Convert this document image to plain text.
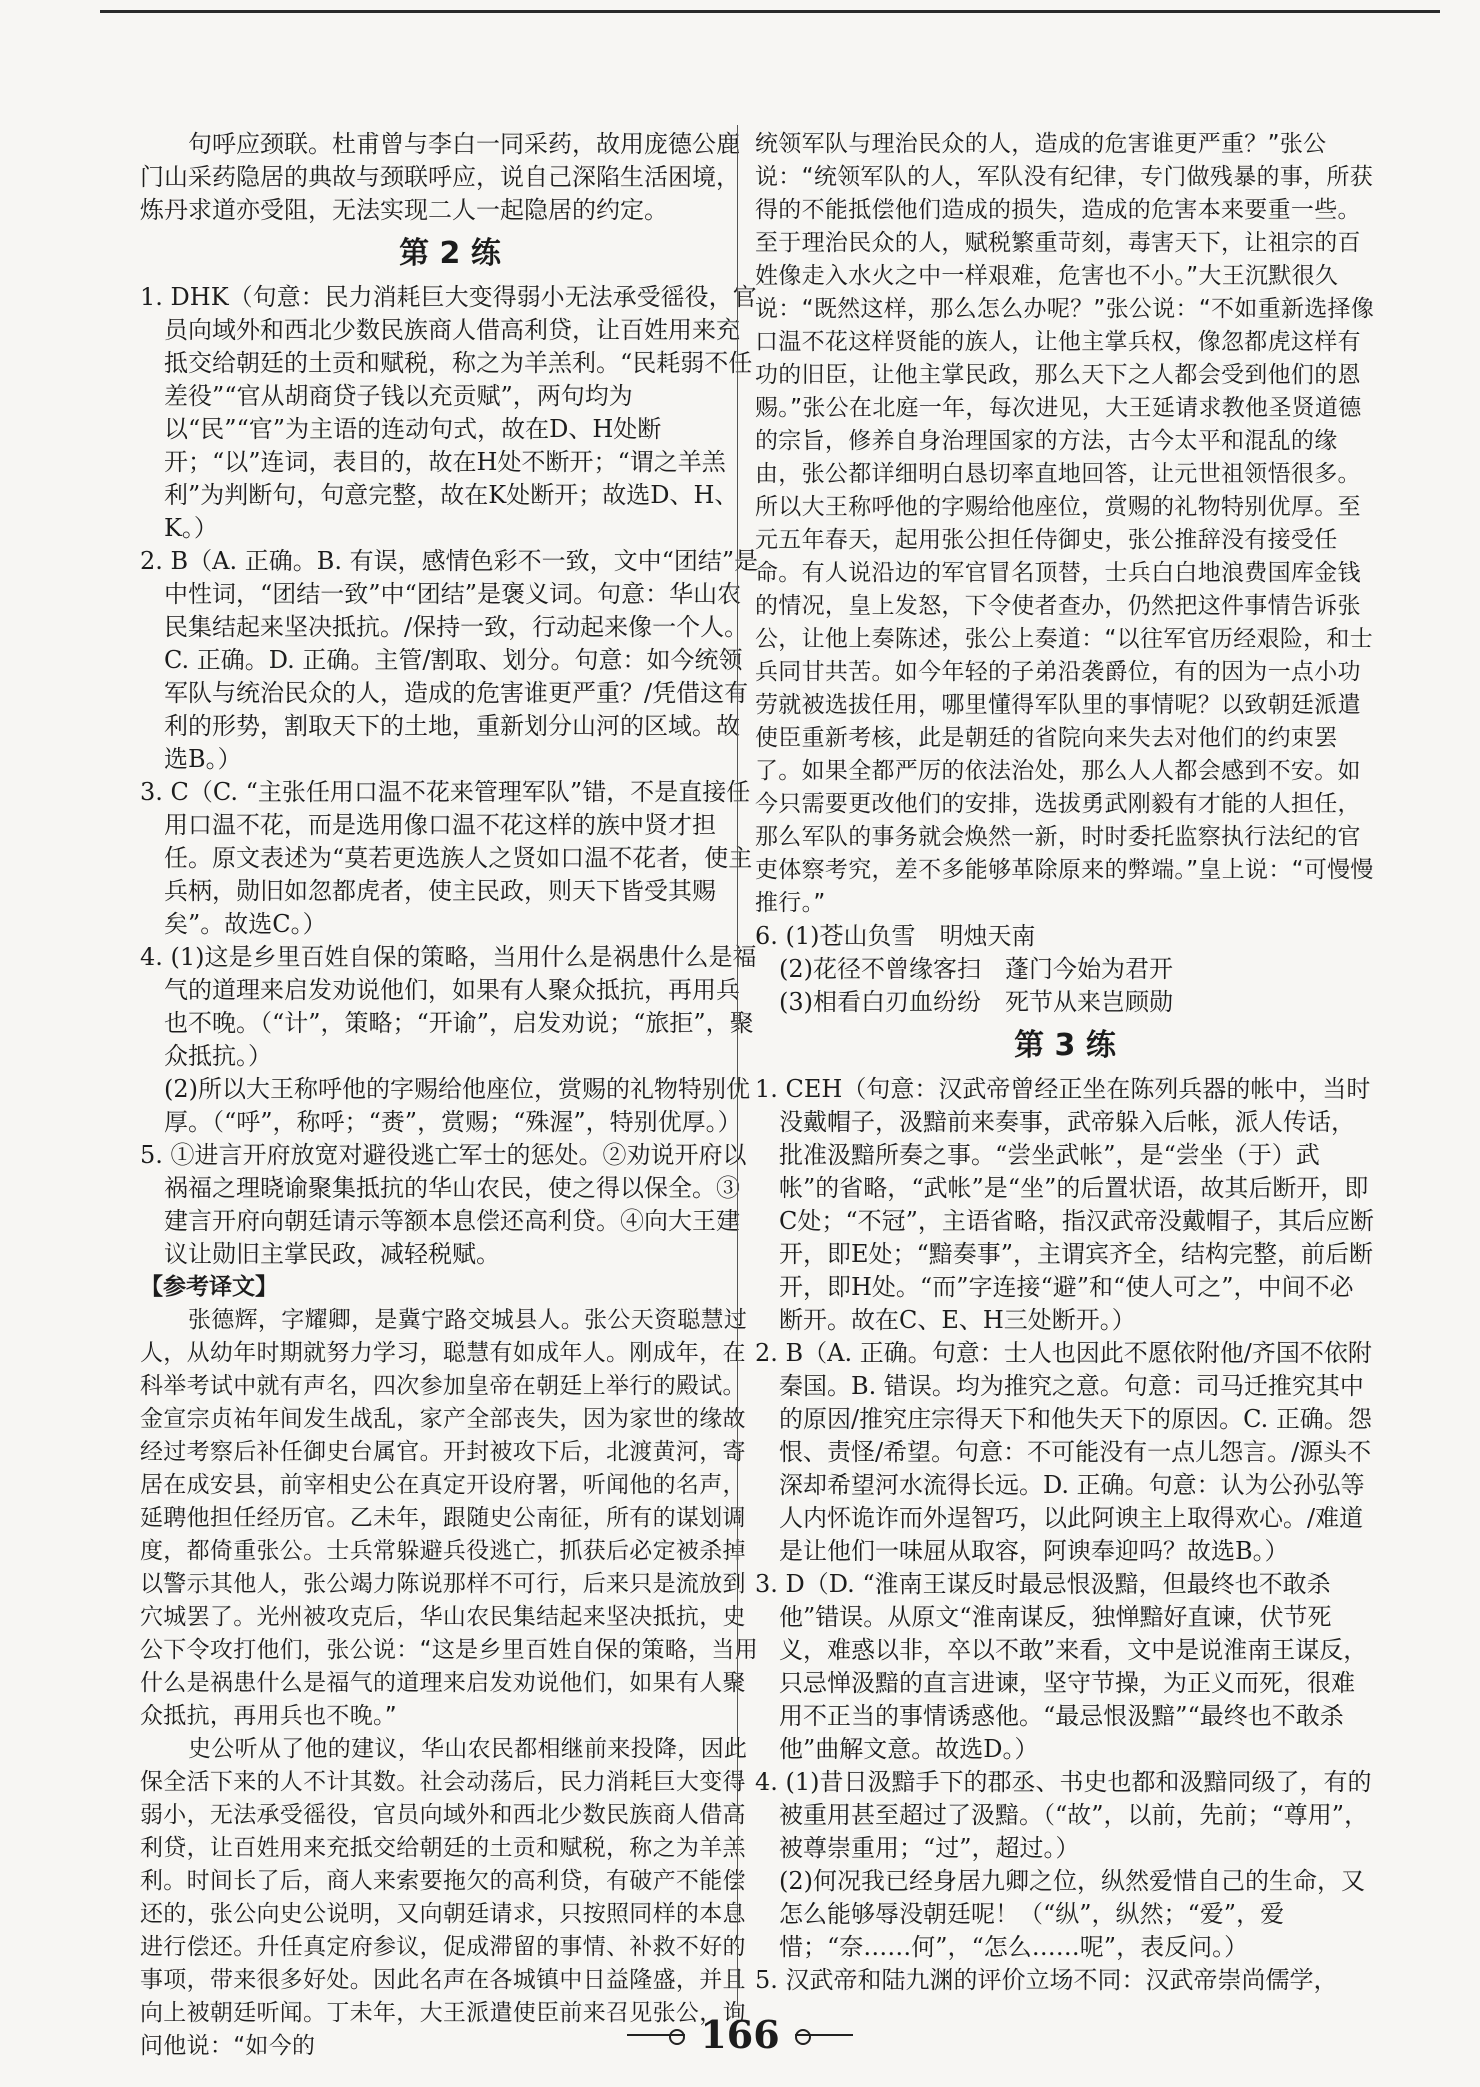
句呼应颈联。杜甫曾与李白一同采药，故用庞德公鹿门山采药隐居的典故与颈联呼应，说自己深陷生活困境，炼丹求道亦受阻，无法实现二人一起隐居的约定。

第 2 练

1. DHK（句意：民力消耗巨大变得弱小无法承受徭役，官员向域外和西北少数民族商人借高利贷，让百姓用来充抵交给朝廷的土贡和赋税，称之为羊羔利。“民耗弱不任差役”“官从胡商贷子钱以充贡赋”，两句均为以“民”“官”为主语的连动句式，故在D、H处断开；“以”连词，表目的，故在H处不断开；“谓之羊羔利”为判断句，句意完整，故在K处断开；故选D、H、K。）

2. B（A. 正确。B. 有误，感情色彩不一致，文中“团结”是中性词，“团结一致”中“团结”是褒义词。句意：华山农民集结起来坚决抵抗。/保持一致，行动起来像一个人。C. 正确。D. 正确。主管/割取、划分。句意：如今统领军队与统治民众的人，造成的危害谁更严重？/凭借这有利的形势，割取天下的土地，重新划分山河的区域。故选B。）

3. C（C. “主张任用口温不花来管理军队”错，不是直接任用口温不花，而是选用像口温不花这样的族中贤才担任。原文表述为“莫若更选族人之贤如口温不花者，使主兵柄，勋旧如忽都虎者，使主民政，则天下皆受其赐矣”。故选C。）

4. (1)这是乡里百姓自保的策略，当用什么是祸患什么是福气的道理来启发劝说他们，如果有人聚众抵抗，再用兵也不晚。（“计”，策略；“开谕”，启发劝说；“旅拒”，聚众抵抗。）

(2)所以大王称呼他的字赐给他座位，赏赐的礼物特别优厚。（“呼”，称呼；“赉”，赏赐；“殊渥”，特别优厚。）

5. ①进言开府放宽对避役逃亡军士的惩处。②劝说开府以祸福之理晓谕聚集抵抗的华山农民，使之得以保全。③建言开府向朝廷请示等额本息偿还高利贷。④向大王建议让勋旧主掌民政，减轻税赋。

【参考译文】

张德辉，字耀卿，是冀宁路交城县人。张公天资聪慧过人，从幼年时期就努力学习，聪慧有如成年人。刚成年，在科举考试中就有声名，四次参加皇帝在朝廷上举行的殿试。金宣宗贞祐年间发生战乱，家产全部丧失，因为家世的缘故经过考察后补任御史台属官。开封被攻下后，北渡黄河，寄居在成安县，前宰相史公在真定开设府署，听闻他的名声，延聘他担任经历官。乙未年，跟随史公南征，所有的谋划调度，都倚重张公。士兵常躲避兵役逃亡，抓获后必定被杀掉以警示其他人，张公竭力陈说那样不可行，后来只是流放到穴城罢了。光州被攻克后，华山农民集结起来坚决抵抗，史公下令攻打他们，张公说：“这是乡里百姓自保的策略，当用什么是祸患什么是福气的道理来启发劝说他们，如果有人聚众抵抗，再用兵也不晚。”

史公听从了他的建议，华山农民都相继前来投降，因此保全活下来的人不计其数。社会动荡后，民力消耗巨大变得弱小，无法承受徭役，官员向域外和西北少数民族商人借高利贷，让百姓用来充抵交给朝廷的土贡和赋税，称之为羊羔利。时间长了后，商人来索要拖欠的高利贷，有破产不能偿还的，张公向史公说明，又向朝廷请求，只按照同样的本息进行偿还。升任真定府参议，促成滞留的事情、补救不好的事项，带来很多好处。因此名声在各城镇中日益隆盛，并且向上被朝廷听闻。丁未年，大王派遣使臣前来召见张公，询问他说：“如今的

统领军队与理治民众的人，造成的危害谁更严重？”张公说：“统领军队的人，军队没有纪律，专门做残暴的事，所获得的不能抵偿他们造成的损失，造成的危害本来要重一些。至于理治民众的人，赋税繁重苛刻，毒害天下，让祖宗的百姓像走入水火之中一样艰难，危害也不小。”大王沉默很久说：“既然这样，那么怎么办呢？”张公说：“不如重新选择像口温不花这样贤能的族人，让他主掌兵权，像忽都虎这样有功的旧臣，让他主掌民政，那么天下之人都会受到他们的恩赐。”张公在北庭一年，每次进见，大王延请求教他圣贤道德的宗旨，修养自身治理国家的方法，古今太平和混乱的缘由，张公都详细明白恳切率直地回答，让元世祖领悟很多。所以大王称呼他的字赐给他座位，赏赐的礼物特别优厚。至元五年春天，起用张公担任侍御史，张公推辞没有接受任命。有人说沿边的军官冒名顶替，士兵白白地浪费国库金钱的情况，皇上发怒，下令使者查办，仍然把这件事情告诉张公，让他上奏陈述，张公上奏道：“以往军官历经艰险，和士兵同甘共苦。如今年轻的子弟沿袭爵位，有的因为一点小功劳就被选拔任用，哪里懂得军队里的事情呢？以致朝廷派遣使臣重新考核，此是朝廷的省院向来失去对他们的约束罢了。如果全都严厉的依法治处，那么人人都会感到不安。如今只需要更改他们的安排，选拔勇武刚毅有才能的人担任，那么军队的事务就会焕然一新，时时委托监察执行法纪的官吏体察考究，差不多能够革除原来的弊端。”皇上说：“可慢慢推行。”

6. (1)苍山负雪　明烛天南

(2)花径不曾缘客扫　蓬门今始为君开

(3)相看白刃血纷纷　死节从来岂顾勋

第 3 练

1. CEH（句意：汉武帝曾经正坐在陈列兵器的帐中，当时没戴帽子，汲黯前来奏事，武帝躲入后帐，派人传话，批准汲黯所奏之事。“尝坐武帐”，是“尝坐（于）武帐”的省略，“武帐”是“坐”的后置状语，故其后断开，即C处；“不冠”，主语省略，指汉武帝没戴帽子，其后应断开，即E处；“黯奏事”，主谓宾齐全，结构完整，前后断开，即H处。“而”字连接“避”和“使人可之”，中间不必断开。故在C、E、H三处断开。）

2. B（A. 正确。句意：士人也因此不愿依附他/齐国不依附秦国。B. 错误。均为推究之意。句意：司马迁推究其中的原因/推究庄宗得天下和他失天下的原因。C. 正确。怨恨、责怪/希望。句意：不可能没有一点儿怨言。/源头不深却希望河水流得长远。D. 正确。句意：认为公孙弘等人内怀诡诈而外逞智巧，以此阿谀主上取得欢心。/难道是让他们一味屈从取容，阿谀奉迎吗？故选B。）

3. D（D. “淮南王谋反时最忌恨汲黯，但最终也不敢杀他”错误。从原文“淮南谋反，独惮黯好直谏，伏节死义，难惑以非，卒以不敢”来看，文中是说淮南王谋反，只忌惮汲黯的直言进谏，坚守节操，为正义而死，很难用不正当的事情诱惑他。“最忌恨汲黯”“最终也不敢杀他”曲解文意。故选D。）

4. (1)昔日汲黯手下的郡丞、书史也都和汲黯同级了，有的被重用甚至超过了汲黯。（“故”，以前，先前；“尊用”，被尊崇重用；“过”，超过。）

(2)何况我已经身居九卿之位，纵然爱惜自己的生命，又怎么能够辱没朝廷呢！（“纵”，纵然；“爱”，爱惜；“奈……何”，“怎么……呢”，表反问。）

5. 汉武帝和陆九渊的评价立场不同：汉武帝崇尚儒学，

166
